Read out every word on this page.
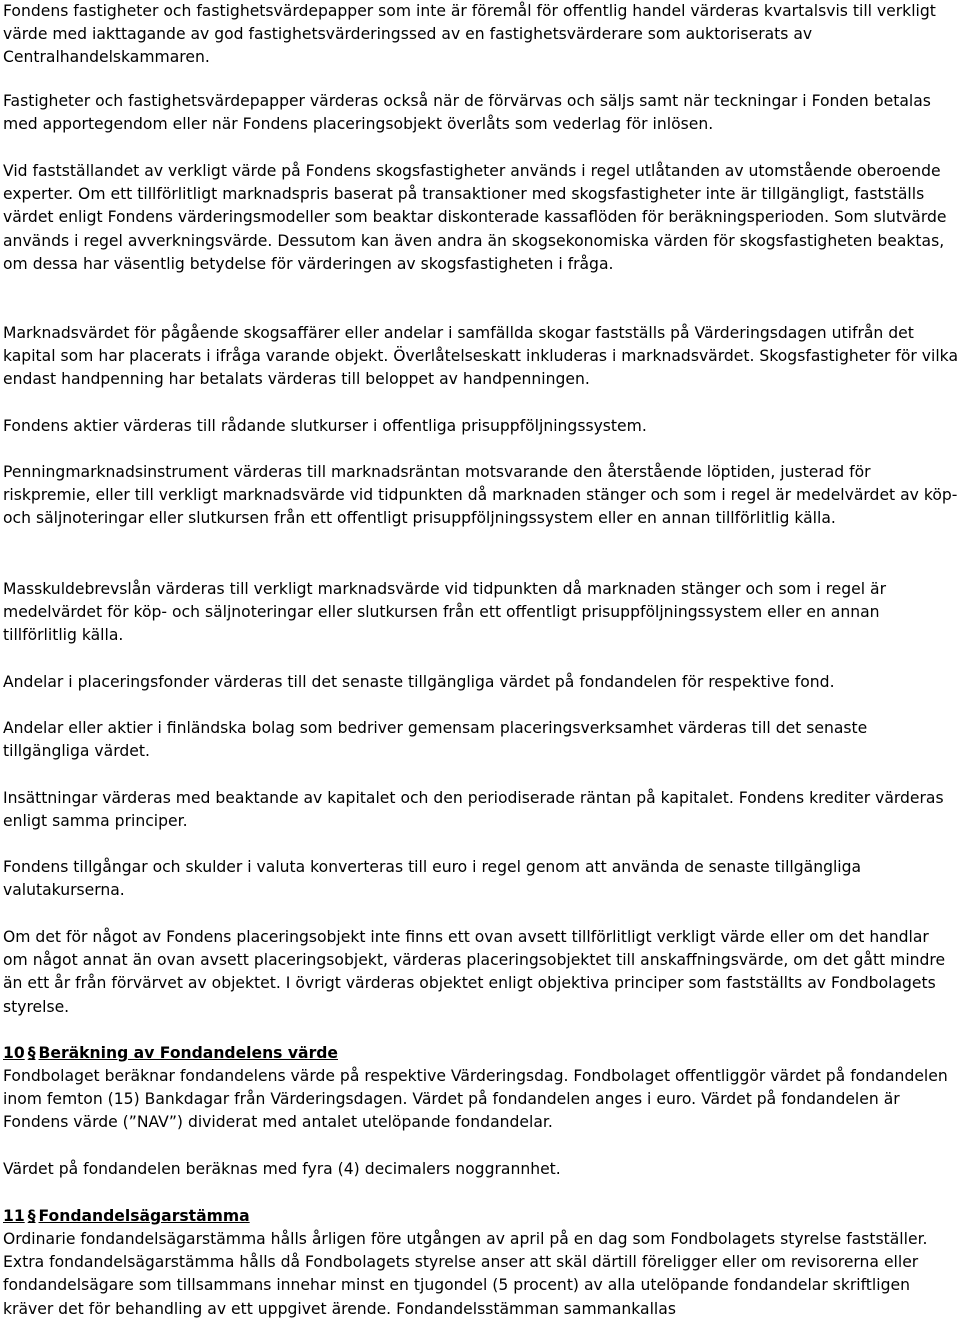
Fondens fastigheter och fastighetsvärdepapper som inte är föremål för offentlig handel värderas kvartalsvis till verkligt värde med iakttagande av god fastighetsvärderingssed av en fastighetsvärderare som auktoriserats av Centralhandelskammaren.

Fastigheter och fastighetsvärdepapper värderas också när de förvärvas och säljs samt när teckningar i Fonden betalas med apportegendom eller när Fondens placeringsobjekt överlåts som vederlag för inlösen.

Vid fastställandet av verkligt värde på Fondens skogsfastigheter används i regel utlåtanden av utomstående oberoende experter. Om ett tillförlitligt marknadspris baserat på transaktioner med skogsfastigheter inte är tillgängligt, fastställs värdet enligt Fondens värderingsmodeller som beaktar diskonterade kassaflöden för beräkningsperioden. Som slutvärde används i regel avverkningsvärde. Dessutom kan även andra än skogsekonomiska värden för skogsfastigheten beaktas, om dessa har väsentlig betydelse för värderingen av skogsfastigheten i fråga.

Marknadsvärdet för pågående skogsaffärer eller andelar i samfällda skogar fastställs på Värderingsdagen utifrån det kapital som har placerats i ifråga varande objekt. Överlåtelseskatt inkluderas i marknadsvärdet. Skogsfastigheter för vilka endast handpenning har betalats värderas till beloppet av handpenningen.

Fondens aktier värderas till rådande slutkurser i offentliga prisuppföljningssystem.

Penningmarknadsinstrument värderas till marknadsräntan motsvarande den återstående löptiden, justerad för riskpremie, eller till verkligt marknadsvärde vid tidpunkten då marknaden stänger och som i regel är medelvärdet av köp- och säljnoteringar eller slutkursen från ett offentligt prisuppföljningssystem eller en annan tillförlitlig källa.

Masskuldebrevslån värderas till verkligt marknadsvärde vid tidpunkten då marknaden stänger och som i regel är medelvärdet för köp- och säljnoteringar eller slutkursen från ett offentligt prisuppföljningssystem eller en annan tillförlitlig källa.

Andelar i placeringsfonder värderas till det senaste tillgängliga värdet på fondandelen för respektive fond.

Andelar eller aktier i finländska bolag som bedriver gemensam placeringsverksamhet värderas till det senaste tillgängliga värdet.

Insättningar värderas med beaktande av kapitalet och den periodiserade räntan på kapitalet. Fondens krediter värderas enligt samma principer.

Fondens tillgångar och skulder i valuta konverteras till euro i regel genom att använda de senaste tillgängliga valutakurserna.

Om det för något av Fondens placeringsobjekt inte finns ett ovan avsett tillförlitligt verkligt värde eller om det handlar om något annat än ovan avsett placeringsobjekt, värderas placeringsobjektet till anskaffningsvärde, om det gått mindre än ett år från förvärvet av objektet. I övrigt värderas objektet enligt objektiva principer som fastställts av Fondbolagets styrelse.

10 § Beräkning av Fondandelens värde

Fondbolaget beräknar fondandelens värde på respektive Värderingsdag. Fondbolaget offentliggör värdet på fondandelen inom femton (15) Bankdagar från Värderingsdagen. Värdet på fondandelen anges i euro. Värdet på fondandelen är Fondens värde (”NAV”) dividerat med antalet utelöpande fondandelar.

Värdet på fondandelen beräknas med fyra (4) decimalers noggrannhet.

11 § Fondandelsägarstämma

Ordinarie fondandelsägarstämma hålls årligen före utgången av april på en dag som Fondbolagets styrelse fastställer. Extra fondandelsägarstämma hålls då Fondbolagets styrelse anser att skäl därtill föreligger eller om revisorerna eller fondandelsägare som tillsammans innehar minst en tjugondel (5 procent) av alla utelöpande fondandelar skriftligen kräver det för behandling av ett uppgivet ärende. Fondandelsstämman sammankallas
